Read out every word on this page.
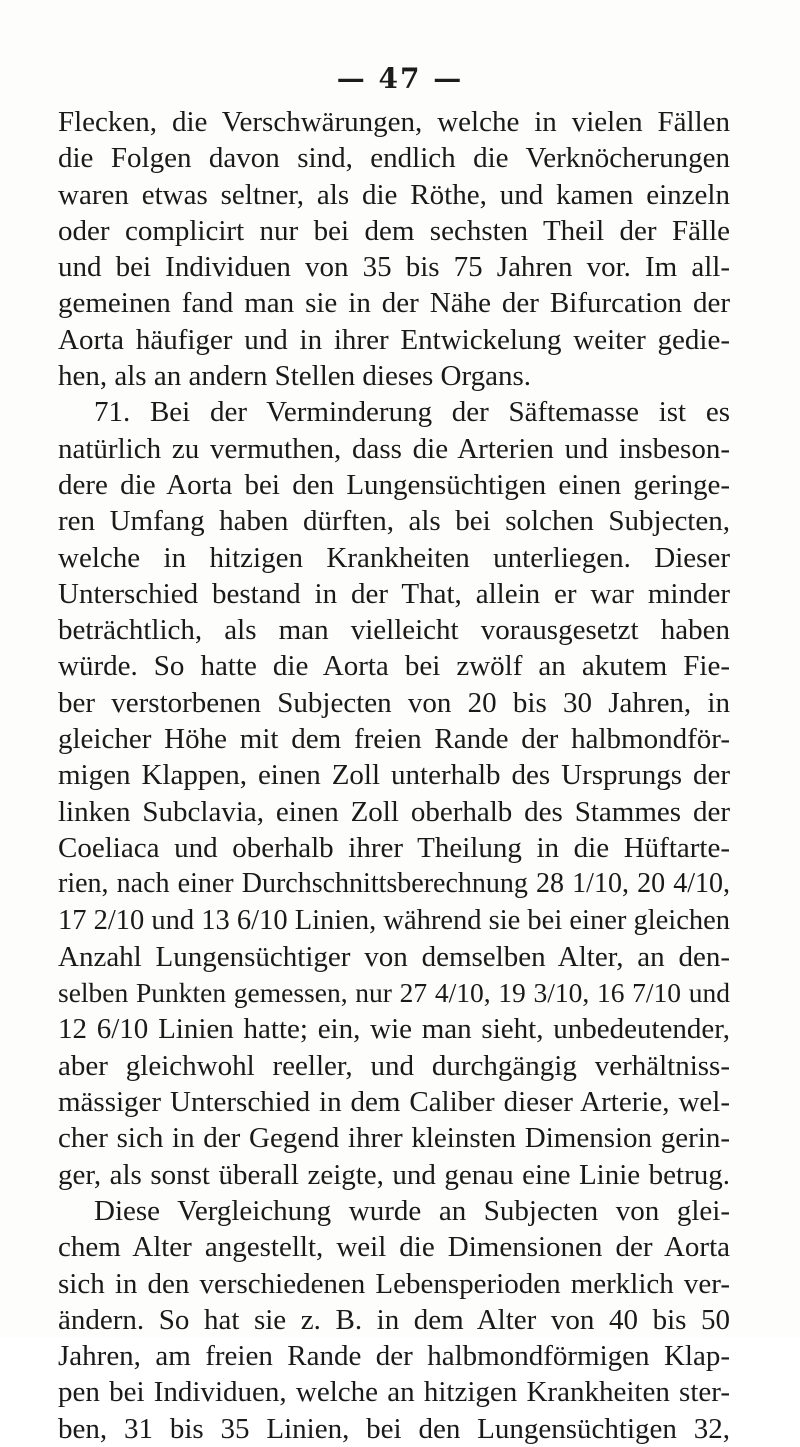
— 47 —
Flecken, die Verschwärungen, welche in vielen Fällen
die Folgen davon sind, endlich die Verknöcherungen
waren etwas seltner, als die Röthe, und kamen einzeln
oder complicirt nur bei dem sechsten Theil der Fälle
und bei Individuen von 35 bis 75 Jahren vor. Im all-
gemeinen fand man sie in der Nähe der Bifurcation der
Aorta häufiger und in ihrer Entwickelung weiter gedie-
hen, als an andern Stellen dieses Organs.
71. Bei der Verminderung der Säftemasse ist es
natürlich zu vermuthen, dass die Arterien und insbeson-
dere die Aorta bei den Lungensüchtigen einen geringe-
ren Umfang haben dürften, als bei solchen Subjecten,
welche in hitzigen Krankheiten unterliegen. Dieser
Unterschied bestand in der That, allein er war minder
beträchtlich, als man vielleicht vorausgesetzt haben
würde. So hatte die Aorta bei zwölf an akutem Fie-
ber verstorbenen Subjecten von 20 bis 30 Jahren, in
gleicher Höhe mit dem freien Rande der halbmondför-
migen Klappen, einen Zoll unterhalb des Ursprungs der
linken Subclavia, einen Zoll oberhalb des Stammes der
Coeliaca und oberhalb ihrer Theilung in die Hüftarte-
rien, nach einer Durchschnittsberechnung 28 1/10, 20 4/10,
17 2/10 und 13 6/10 Linien, während sie bei einer gleichen
Anzahl Lungensüchtiger von demselben Alter, an den-
selben Punkten gemessen, nur 27 4/10, 19 3/10, 16 7/10 und
12 6/10 Linien hatte; ein, wie man sieht, unbedeutender,
aber gleichwohl reeller, und durchgängig verhältniss-
mässiger Unterschied in dem Caliber dieser Arterie, wel-
cher sich in der Gegend ihrer kleinsten Dimension gerin-
ger, als sonst überall zeigte, und genau eine Linie betrug.
Diese Vergleichung wurde an Subjecten von glei-
chem Alter angestellt, weil die Dimensionen der Aorta
sich in den verschiedenen Lebensperioden merklich ver-
ändern. So hat sie z. B. in dem Alter von 40 bis 50
Jahren, am freien Rande der halbmondförmigen Klap-
pen bei Individuen, welche an hitzigen Krankheiten ster-
ben, 31 bis 35 Linien, bei den Lungensüchtigen 32,
